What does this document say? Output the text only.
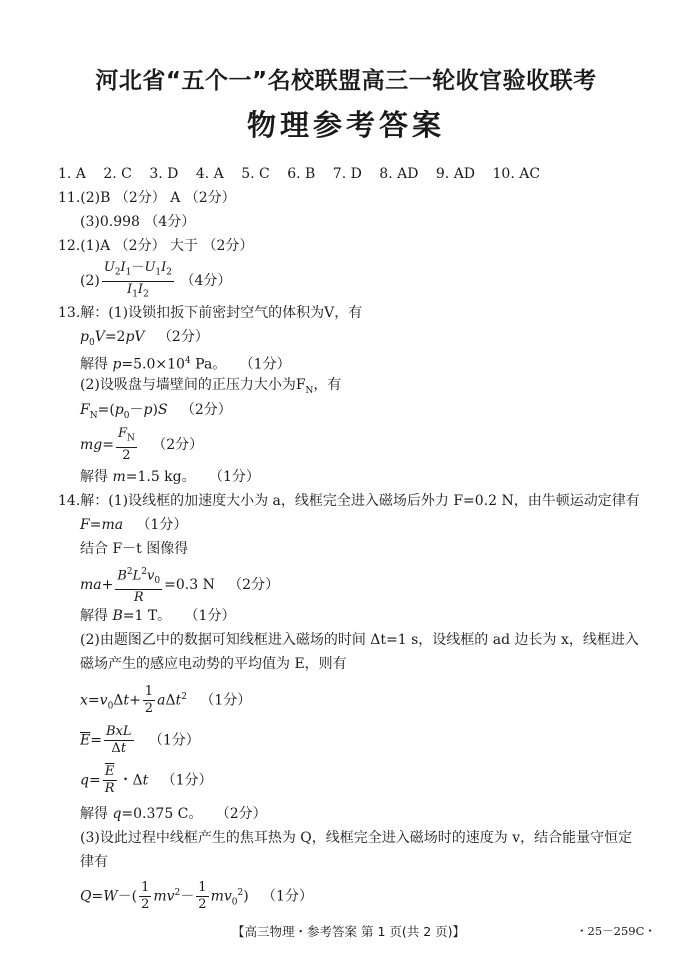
河北省“五个一”名校联盟高三一轮收官验收联考
物理参考答案
1. A 2. C 3. D 4. A 5. C 6. B 7. D 8. AD 9. AD 10. AC
11.(2)B （2分） A （2分）
(3)0.998 （4分）
12.(1)A （2分） 大于 （2分）
$(2) \frac{U_2I_1-U_1I_2}{I_1I_2} (4$分）
13.解：(1)设锁扣扳下前密封空气的体积为V，有
$p_0V=2pV$ （2分）
解得 $p=5.0\times 10^4$ Pa。   （1分）
(2)设吸盘与墙壁间的正压力大小为$F_N$，有
$F_N=(p_0-p)S$ （2分）
$mg= \frac{F_N}{2} (2$分）
解得 m=1.5 kg。   （1分）
14.解：(1)设线框的加速度大小为 a，线框完全进入磁场后外力 F=0.2 N，由牛顿运动定律有
F=ma （1分）
结合 F－t 图像得
$ma+ \frac{B^2L^2v_0}{R} =0.3$ N   （2分）
解得 B=1 T。   （1分）
(2)由题图乙中的数据可知线框进入磁场的时间 Δt=1 s，设线框的 ad 边长为 x，线框进入
磁场产生的感应电动势的平均值为 E，则有
$x=v_0\Delta t+ \frac{1}{2} a\Delta t^2$ （1分）
$\overline{E}= \frac{\text{BxL}}{\Delta t} (1$分）
$q= \frac{\overline{E}}{R}$ ・Δt （1分）
解得 q=0.375 C。   （2分）
(3)设此过程中线框产生的焦耳热为 Q，线框完全进入磁场时的速度为 v，结合能量守恒定
律有
$Q=W-( \frac{1}{2} mv^2- \frac{1}{2} mv_0^2)$   （1分）
【高三物理・参考答案 第 1 页(共 2 页)】	・25－259C・
